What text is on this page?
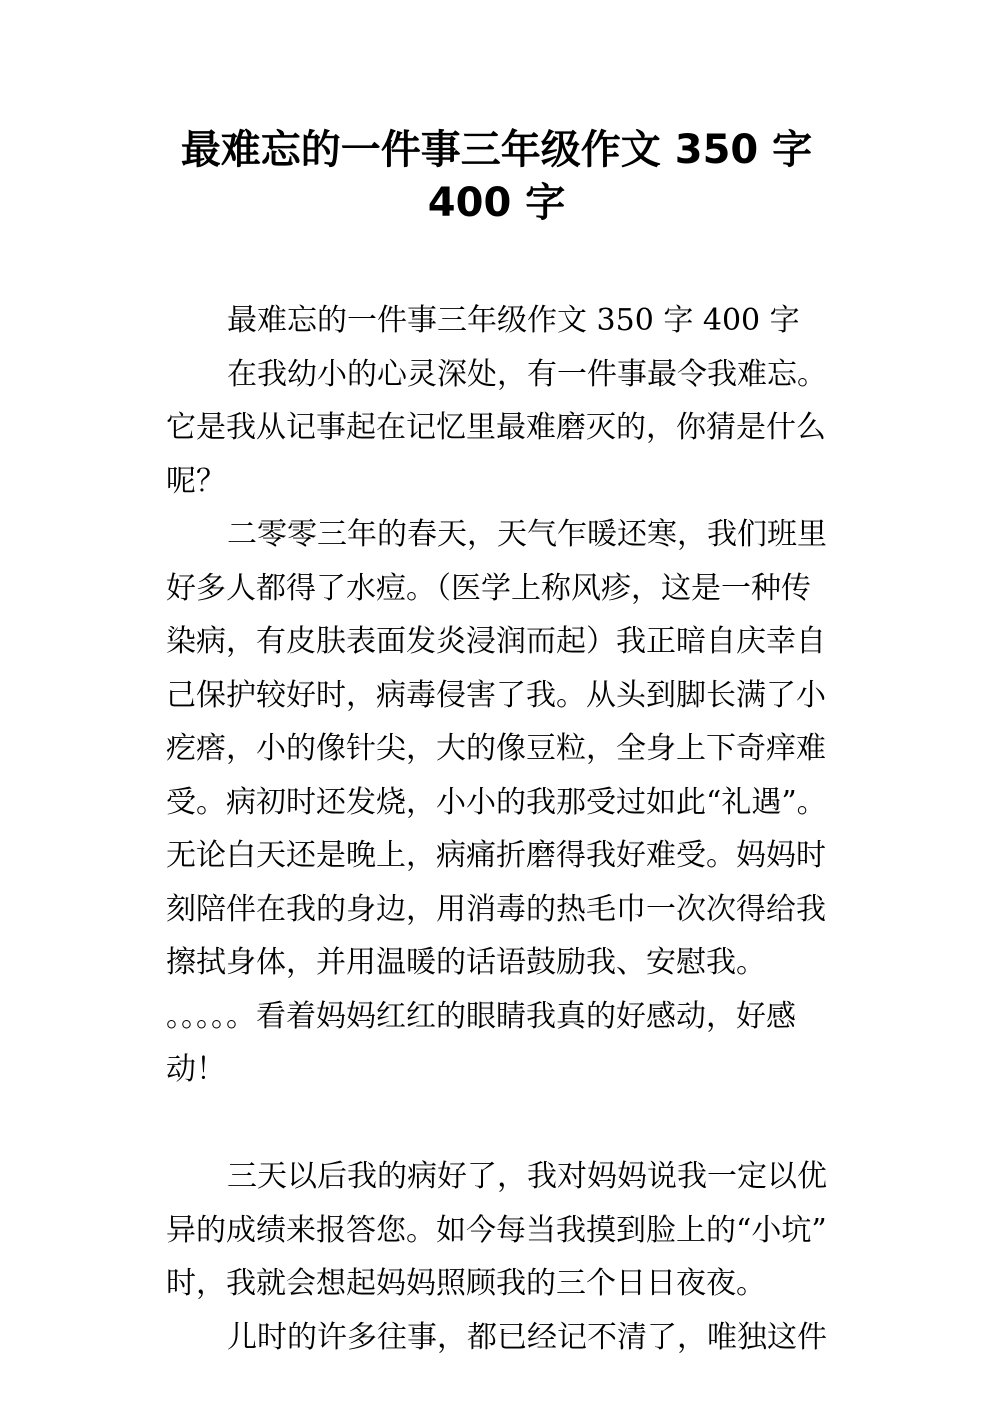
最难忘的一件事三年级作文 350 字
400 字

最难忘的一件事三年级作文 350 字 400 字

在我幼小的心灵深处，有一件事最令我难忘。
它是我从记事起在记忆里最难磨灭的，你猜是什么
呢？

二零零三年的春天，天气乍暖还寒，我们班里
好多人都得了水痘。（医学上称风疹，这是一种传
染病，有皮肤表面发炎浸润而起）我正暗自庆幸自
己保护较好时，病毒侵害了我。从头到脚长满了小
疙瘩，小的像针尖，大的像豆粒，全身上下奇痒难
受。病初时还发烧，小小的我那受过如此“礼遇”。
无论白天还是晚上，病痛折磨得我好难受。妈妈时
刻陪伴在我的身边，用消毒的热毛巾一次次得给我
擦拭身体，并用温暖的话语鼓励我、安慰我。
。。。。。看着妈妈红红的眼睛我真的好感动，好感动！

三天以后我的病好了，我对妈妈说我一定以优
异的成绩来报答您。如今每当我摸到脸上的“小坑”
时，我就会想起妈妈照顾我的三个日日夜夜。

儿时的许多往事，都已经记不清了，唯独这件
